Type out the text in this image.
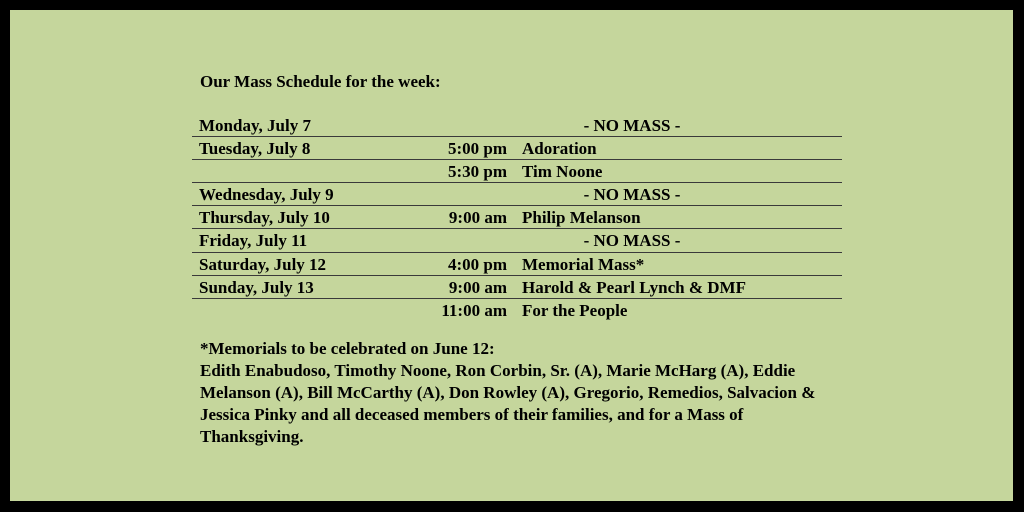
Our Mass Schedule for the week:
Monday, July 7	- NO MASS -
Tuesday, July 8	5:00 pm Adoration
5:30 pm Tim Noone
Wednesday, July 9	- NO MASS -
Thursday, July 10	9:00 am Philip Melanson
Friday, July 11	- NO MASS -
Saturday, July 12	4:00 pm Memorial Mass*
Sunday, July 13	9:00 am Harold & Pearl Lynch & DMF
11:00 am For the People

*Memorials to be celebrated on June 12:

Edith Enabudoso, Timothy Noone, Ron Corbin, Sr. (A), Marie McHarg (A), Eddie Melanson (A), Bill McCarthy (A), Don Rowley (A), Gregorio, Remedios, Salvacion & Jessica Pinky and all deceased members of their families, and for a Mass of Thanksgiving.
